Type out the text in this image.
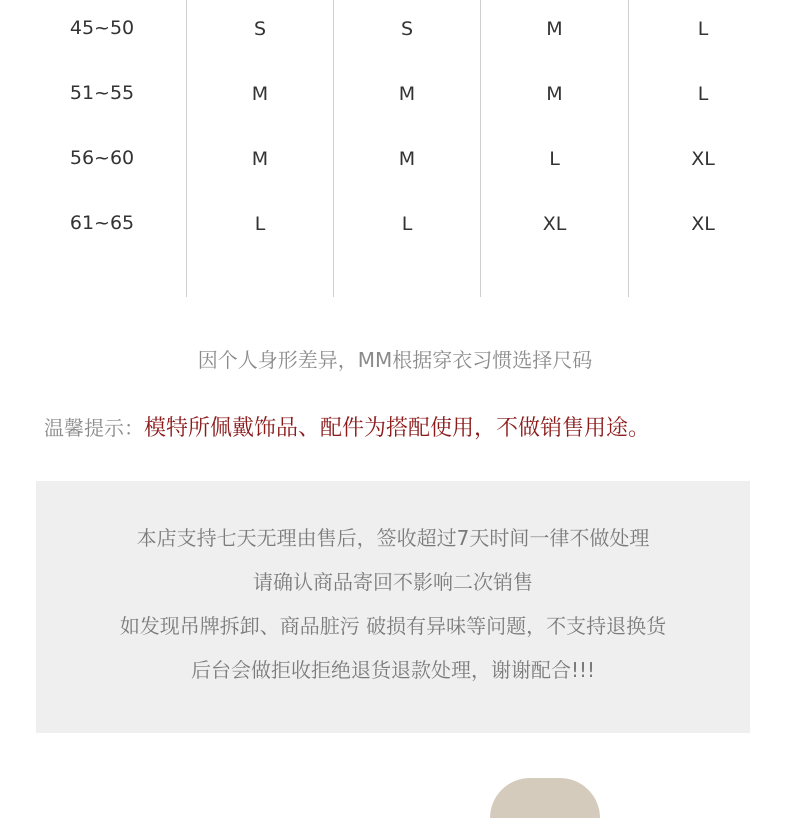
45~50	S	S	M	L
51~55	M	M	M	L
56~60	M	M	L	XL
61~65	L	L	XL	XL
因个人身形差异，MM根据穿衣习惯选择尺码
温馨提示：模特所佩戴饰品、配件为搭配使用，不做销售用途。
本店支持七天无理由售后，签收超过7天时间一律不做处理
请确认商品寄回不影响二次销售
如发现吊牌拆卸、商品脏污 破损有异味等问题，不支持退换货
后台会做拒收拒绝退货退款处理，谢谢配合!!!
